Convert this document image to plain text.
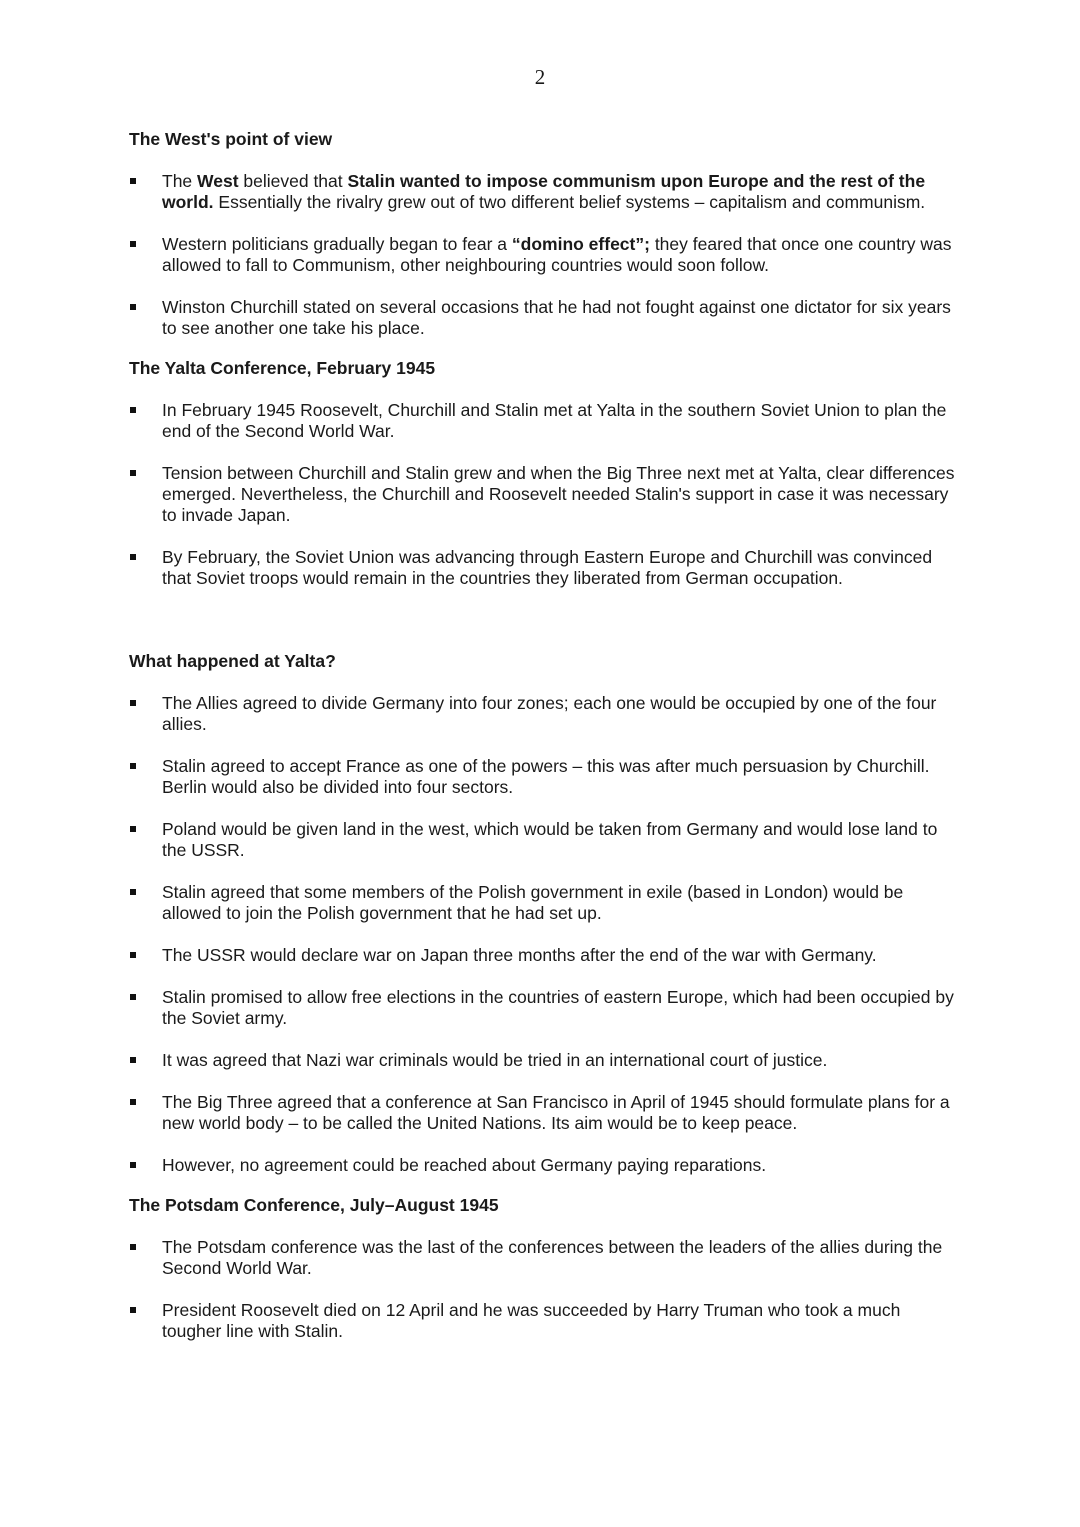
2
The West's point of view
The West believed that Stalin wanted to impose communism upon Europe and the rest of the world. Essentially the rivalry grew out of two different belief systems – capitalism and communism.
Western politicians gradually began to fear a “domino effect”; they feared that once one country was allowed to fall to Communism, other neighbouring countries would soon follow.
Winston Churchill stated on several occasions that he had not fought against one dictator for six years to see another one take his place.
The Yalta Conference, February 1945
In February 1945 Roosevelt, Churchill and Stalin met at Yalta in the southern Soviet Union to plan the end of the Second World War.
Tension between Churchill and Stalin grew and when the Big Three next met at Yalta, clear differences emerged. Nevertheless, the Churchill and Roosevelt needed Stalin's support in case it was necessary to invade Japan.
By February, the Soviet Union was advancing through Eastern Europe and Churchill was convinced that Soviet troops would remain in the countries they liberated from German occupation.
What happened at Yalta?
The Allies agreed to divide Germany into four zones; each one would be occupied by one of the four allies.
Stalin agreed to accept France as one of the powers – this was after much persuasion by Churchill. Berlin would also be divided into four sectors.
Poland would be given land in the west, which would be taken from Germany and would lose land to the USSR.
Stalin agreed that some members of the Polish government in exile (based in London) would be allowed to join the Polish government that he had set up.
The USSR would declare war on Japan three months after the end of the war with Germany.
Stalin promised to allow free elections in the countries of eastern Europe, which had been occupied by the Soviet army.
It was agreed that Nazi war criminals would be tried in an international court of justice.
The Big Three agreed that a conference at San Francisco in April of 1945 should formulate plans for a new world body – to be called the United Nations. Its aim would be to keep peace.
However, no agreement could be reached about Germany paying reparations.
The Potsdam Conference, July–August 1945
The Potsdam conference was the last of the conferences between the leaders of the allies during the Second World War.
President Roosevelt died on 12 April and he was succeeded by Harry Truman who took a much tougher line with Stalin.
